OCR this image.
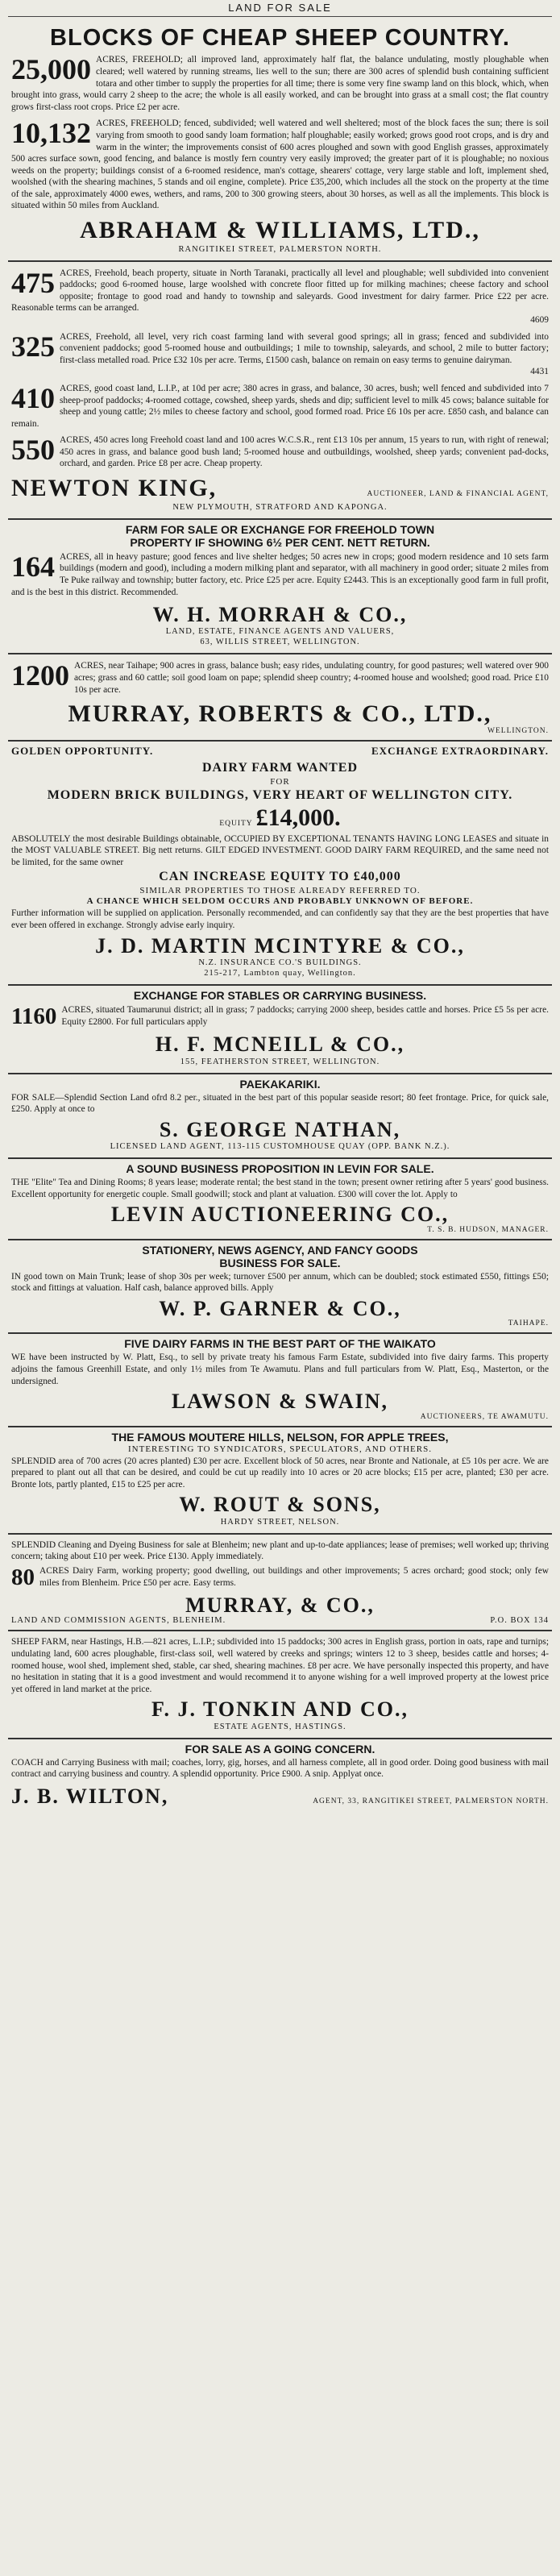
LAND FOR SALE
BLOCKS OF CHEAP SHEEP COUNTRY.
25,000 ACRES, FREEHOLD; all improved land, approximately half flat, the balance undulating, mostly ploughable when cleared; well watered by running streams, lies well to the sun; there are 300 acres of splendid bush containing sufficient totara and other timber to supply the properties for all time; there is some very fine swamp land on this block, which, when brought into grass, would carry 2 sheep to the acre; the whole is all easily worked, and can be brought into grass at a small cost; the flat country grows first-class root crops. Price £2 per acre.
10,132 ACRES, FREEHOLD; fenced, subdivided; well watered and well sheltered; most of the block faces the sun; there is soil varying from smooth to good sandy loam formation; half ploughable; easily worked; grows good root crops, and is dry and warm in the winter; the improvements consist of 600 acres ploughed and sown with good English grasses, approximately 500 acres surface sown, good fencing, and balance is mostly fern country very easily improved; the greater part of it is ploughable; no noxious weeds on the property; buildings consist of a 6-roomed residence, man's cottage, shearers' cottage, very large stable and loft, implement shed, woolshed (with the shearing machines, 5 stands and oil engine, complete). Price £35,200, which includes all the stock on the property at the time of the sale, approximately 4000 ewes, wethers, and rams, 200 to 300 growing steers, about 30 horses, as well as all the implements. This block is situated within 50 miles from Auckland.
ABRAHAM & WILLIAMS, LTD.,
RANGITIKEI STREET, PALMERSTON NORTH.
475 ACRES, Freehold, beach property, situate in North Taranaki, practically all level and ploughable; well subdivided into convenient paddocks; good 6-roomed house, large woolshed with concrete floor fitted up for milking machines; cheese factory and school opposite; frontage to good road and handy to township and saleyards. Good investment for dairy farmer. Price £22 per acre. Reasonable terms can be arranged.
4609
325 ACRES, Freehold, all level, very rich coast farming land with several good springs; all in grass; fenced and subdivided into convenient paddocks; good 5-roomed house and outbuildings; 1 mile to township, saleyards, and school, 2 mile to butter factory; first-class metalled road. Price £32 10s per acre. Terms, £1500 cash, balance on remain on easy terms to genuine dairyman.
4431
410 ACRES, good coast land, L.I.P., at 10d per acre; 380 acres in grass, and balance, 30 acres, bush; well fenced and subdivided into 7 sheep-proof paddocks; 4-roomed cottage, cowshed, sheep yards, sheds and dip; sufficient level to milk 45 cows; balance suitable for sheep and young cattle; 2½ miles to cheese factory and school, good formed road. Price £6 10s per acre. £850 cash, and balance can remain.
550 ACRES, 450 acres long Freehold coast land and 100 acres W.C.S.R., rent £13 10s per annum, 15 years to run, with right of renewal; 450 acres in grass, and balance good bush land; 5-roomed house and outbuildings, woolshed, sheep yards; convenient pad-docks, orchard, and garden. Price £8 per acre. Cheap property.
NEWTON KING,	AUCTIONEER, LAND & FINANCIAL AGENT,
NEW PLYMOUTH, STRATFORD AND KAPONGA.
FARM FOR SALE OR EXCHANGE FOR FREEHOLD TOWN
PROPERTY IF SHOWING 6½ PER CENT. NETT RETURN.
164 ACRES, all in heavy pasture; good fences and live shelter hedges; 50 acres new in crops; good modern residence and 10 sets farm buildings (modern and good), including a modern milking plant and separator, with all machinery in good order; situate 2 miles from Te Puke railway and township; butter factory, etc. Price £25 per acre. Equity £2443. This is an exceptionally good farm in full profit, and is the best in this district. Recommended.
W. H. MORRAH & CO.,
LAND, ESTATE, FINANCE AGENTS AND VALUERS,
63, WILLIS STREET, WELLINGTON.
1200 ACRES, near Taihape; 900 acres in grass, balance bush; easy rides, undulating country, for good pastures; well watered over 900 acres; grass and 60 cattle; soil good loam on pape; splendid sheep country; 4-roomed house and woolshed; good road. Price £10 10s per acre.
MURRAY, ROBERTS & CO., LTD.,
WELLINGTON.
GOLDEN OPPORTUNITY.	EXCHANGE EXTRAORDINARY.
DAIRY FARM WANTED
FOR
MODERN BRICK BUILDINGS, VERY HEART OF WELLINGTON CITY.
EQUITY £14,000.
ABSOLUTELY the most desirable Buildings obtainable, OCCUPIED BY EXCEPTIONAL TENANTS HAVING LONG LEASES and situate in the MOST VALUABLE STREET. Big nett returns. GILT EDGED INVESTMENT. GOOD DAIRY FARM REQUIRED, and the same need not be limited, for the same owner
CAN INCREASE EQUITY TO £40,000
SIMILAR PROPERTIES TO THOSE ALREADY REFERRED TO.
A CHANCE WHICH SELDOM OCCURS AND PROBABLY UNKNOWN OF BEFORE.
Further information will be supplied on application. Personally recommended, and can confidently say that they are the best properties that have ever been offered in exchange. Strongly advise early inquiry.
J. D. MARTIN MCINTYRE & CO.,
N.Z. INSURANCE CO.'S BUILDINGS.
215-217, Lambton quay, Wellington.
EXCHANGE FOR STABLES OR CARRYING BUSINESS.
1160 ACRES, situated Taumarunui district; all in grass; 7 paddocks; carrying 2000 sheep, besides cattle and horses. Price £5 5s per acre. Equity £2800. For full particulars apply
H. F. MCNEILL & CO.,
155, FEATHERSTON STREET, WELLINGTON.
PAEKAKARIKI.
FOR SALE—Splendid Section Land ofrd 8.2 per., situated in the best part of this popular seaside resort; 80 feet frontage. Price, for quick sale, £250. Apply at once to
S. GEORGE NATHAN,
LICENSED LAND AGENT, 113-115 CUSTOMHOUSE QUAY (OPP. BANK N.Z.).
A SOUND BUSINESS PROPOSITION IN LEVIN FOR SALE.
THE "Elite" Tea and Dining Rooms; 8 years lease; moderate rental; the best stand in the town; present owner retiring after 5 years' good business. Excellent opportunity for energetic couple. Small goodwill; stock and plant at valuation. £300 will cover the lot. Apply to
LEVIN AUCTIONEERING CO.,
T. S. B. HUDSON, MANAGER.
STATIONERY, NEWS AGENCY, AND FANCY GOODS
BUSINESS FOR SALE.
IN good town on Main Trunk; lease of shop 30s per week; turnover £500 per annum, which can be doubled; stock estimated £550, fittings £50; stock and fittings at valuation. Half cash, balance approved bills. Apply
W. P. GARNER & CO.,
TAIHAPE.
FIVE DAIRY FARMS IN THE BEST PART OF THE WAIKATO
WE have been instructed by W. Platt, Esq., to sell by private treaty his famous Farm Estate, subdivided into five dairy farms. This property adjoins the famous Greenhill Estate, and only 1½ miles from Te Awamutu. Plans and full particulars from W. Platt, Esq., Masterton, or the undersigned.
LAWSON & SWAIN,
AUCTIONEERS, TE AWAMUTU.
THE FAMOUS MOUTERE HILLS, NELSON, FOR APPLE TREES,
INTERESTING TO SYNDICATORS, SPECULATORS, AND OTHERS.
SPLENDID area of 700 acres (20 acres planted) £30 per acre. Excellent block of 50 acres, near Bronte and Nationale, at £5 10s per acre. We are prepared to plant out all that can be desired, and could be cut up readily into 10 acres or 20 acre blocks; £15 per acre, planted; £30 per acre. Bronte lots, partly planted, £15 to £25 per acre.
W. ROUT & SONS,
HARDY STREET, NELSON.
SPLENDID Cleaning and Dyeing Business for sale at Blenheim; new plant and up-to-date appliances; lease of premises; well worked up; thriving concern; taking about £10 per week. Price £130. Apply immediately.
80 ACRES Dairy Farm, working property; good dwelling, out buildings and other improvements; 5 acres orchard; good stock; only few miles from Blenheim. Price £50 per acre. Easy terms.
MURRAY, & CO.,
LAND AND COMMISSION AGENTS, BLENHEIM.	P.O. BOX 134
SHEEP FARM, near Hastings, H.B.—821 acres, L.I.P.; subdivided into 15 paddocks; 300 acres in English grass, portion in oats, rape and turnips; undulating land, 600 acres ploughable, first-class soil, well watered by creeks and springs; winters 12 to 3 sheep, besides cattle and horses; 4-roomed house, wool shed, implement shed, stable, car shed, shearing machines. £8 per acre. We have personally inspected this property, and have no hesitation in stating that it is a good investment and would recommend it to anyone wishing for a well improved property at the lowest price yet offered in land market at the price.
F. J. TONKIN AND CO.,
ESTATE AGENTS, HASTINGS.
FOR SALE AS A GOING CONCERN.
COACH and Carrying Business with mail; coaches, lorry, gig, horses, and all harness complete, all in good order. Doing good business with mail contract and carrying business and country. A splendid opportunity. Price £900. A snip. Applyat once.
J. B. WILTON,	AGENT, 33, RANGITIKEI STREET, PALMERSTON NORTH.
